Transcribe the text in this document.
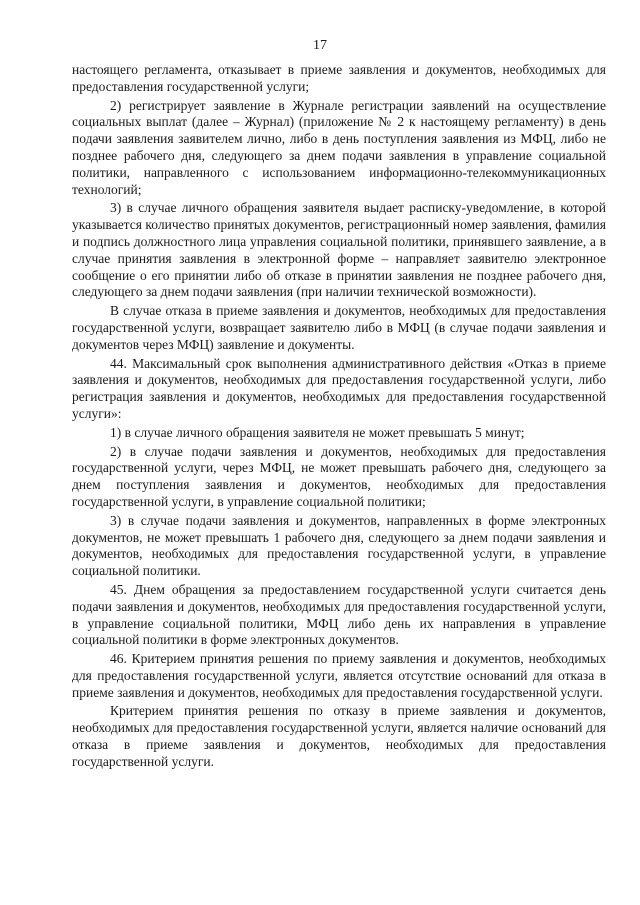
17

настоящего регламента, отказывает в приеме заявления и документов, необходимых для предоставления государственной услуги;

2) регистрирует заявление в Журнале регистрации заявлений на осуществление социальных выплат (далее – Журнал) (приложение № 2 к настоящему регламенту) в день подачи заявления заявителем лично, либо в день поступления заявления из МФЦ, либо не позднее рабочего дня, следующего за днем подачи заявления в управление социальной политики, направленного с использованием информационно-телекоммуникационных технологий;

3) в случае личного обращения заявителя выдает расписку-уведомление, в которой указывается количество принятых документов, регистрационный номер заявления, фамилия и подпись должностного лица управления социальной политики, принявшего заявление, а в случае принятия заявления в электронной форме – направляет заявителю электронное сообщение о его принятии либо об отказе в принятии заявления не позднее рабочего дня, следующего за днем подачи заявления (при наличии технической возможности).

В случае отказа в приеме заявления и документов, необходимых для предоставления государственной услуги, возвращает заявителю либо в МФЦ (в случае подачи заявления и документов через МФЦ) заявление и документы.

44. Максимальный срок выполнения административного действия «Отказ в приеме заявления и документов, необходимых для предоставления государственной услуги, либо регистрация заявления и документов, необходимых для предоставления государственной услуги»:

1) в случае личного обращения заявителя не может превышать 5 минут;

2) в случае подачи заявления и документов, необходимых для предоставления государственной услуги, через МФЦ, не может превышать рабочего дня, следующего за днем поступления заявления и документов, необходимых для предоставления государственной услуги, в управление социальной политики;

3) в случае подачи заявления и документов, направленных в форме электронных документов, не может превышать 1 рабочего дня, следующего за днем подачи заявления и документов, необходимых для предоставления государственной услуги, в управление социальной политики.

45. Днем обращения за предоставлением государственной услуги считается день подачи заявления и документов, необходимых для предоставления государственной услуги, в управление социальной политики, МФЦ либо день их направления в управление социальной политики в форме электронных документов.

46. Критерием принятия решения по приему заявления и документов, необходимых для предоставления государственной услуги, является отсутствие оснований для отказа в приеме заявления и документов, необходимых для предоставления государственной услуги.

Критерием принятия решения по отказу в приеме заявления и документов, необходимых для предоставления государственной услуги, является наличие оснований для отказа в приеме заявления и документов, необходимых для предоставления государственной услуги.
